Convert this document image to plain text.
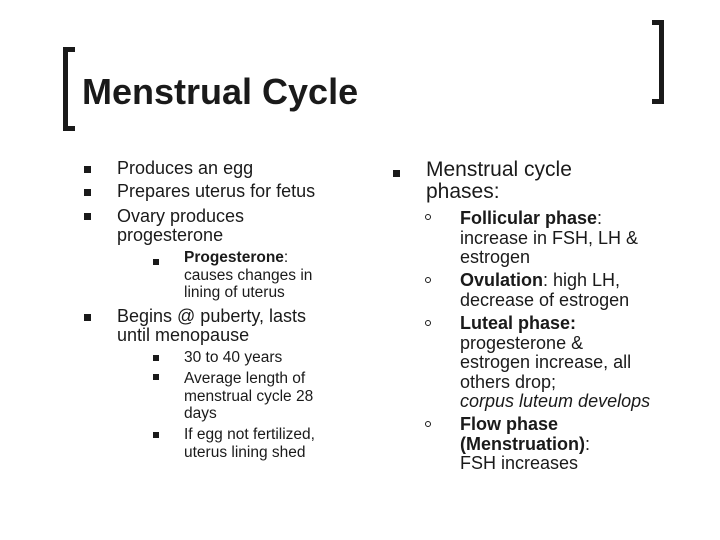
Menstrual Cycle
Produces an egg
Prepares uterus for fetus
Ovary produces
progesterone
Progesterone:
causes changes in
lining of uterus
Begins @ puberty, lasts
until menopause
30 to 40 years
Average length of
menstrual cycle 28
days
If egg not fertilized,
uterus lining shed
Menstrual cycle
phases:
Follicular phase:
increase in FSH, LH &
estrogen
Ovulation: high LH,
decrease of estrogen
Luteal phase:
progesterone &
estrogen increase, all
others drop;
corpus luteum develops
Flow phase
(Menstruation):
FSH increases
